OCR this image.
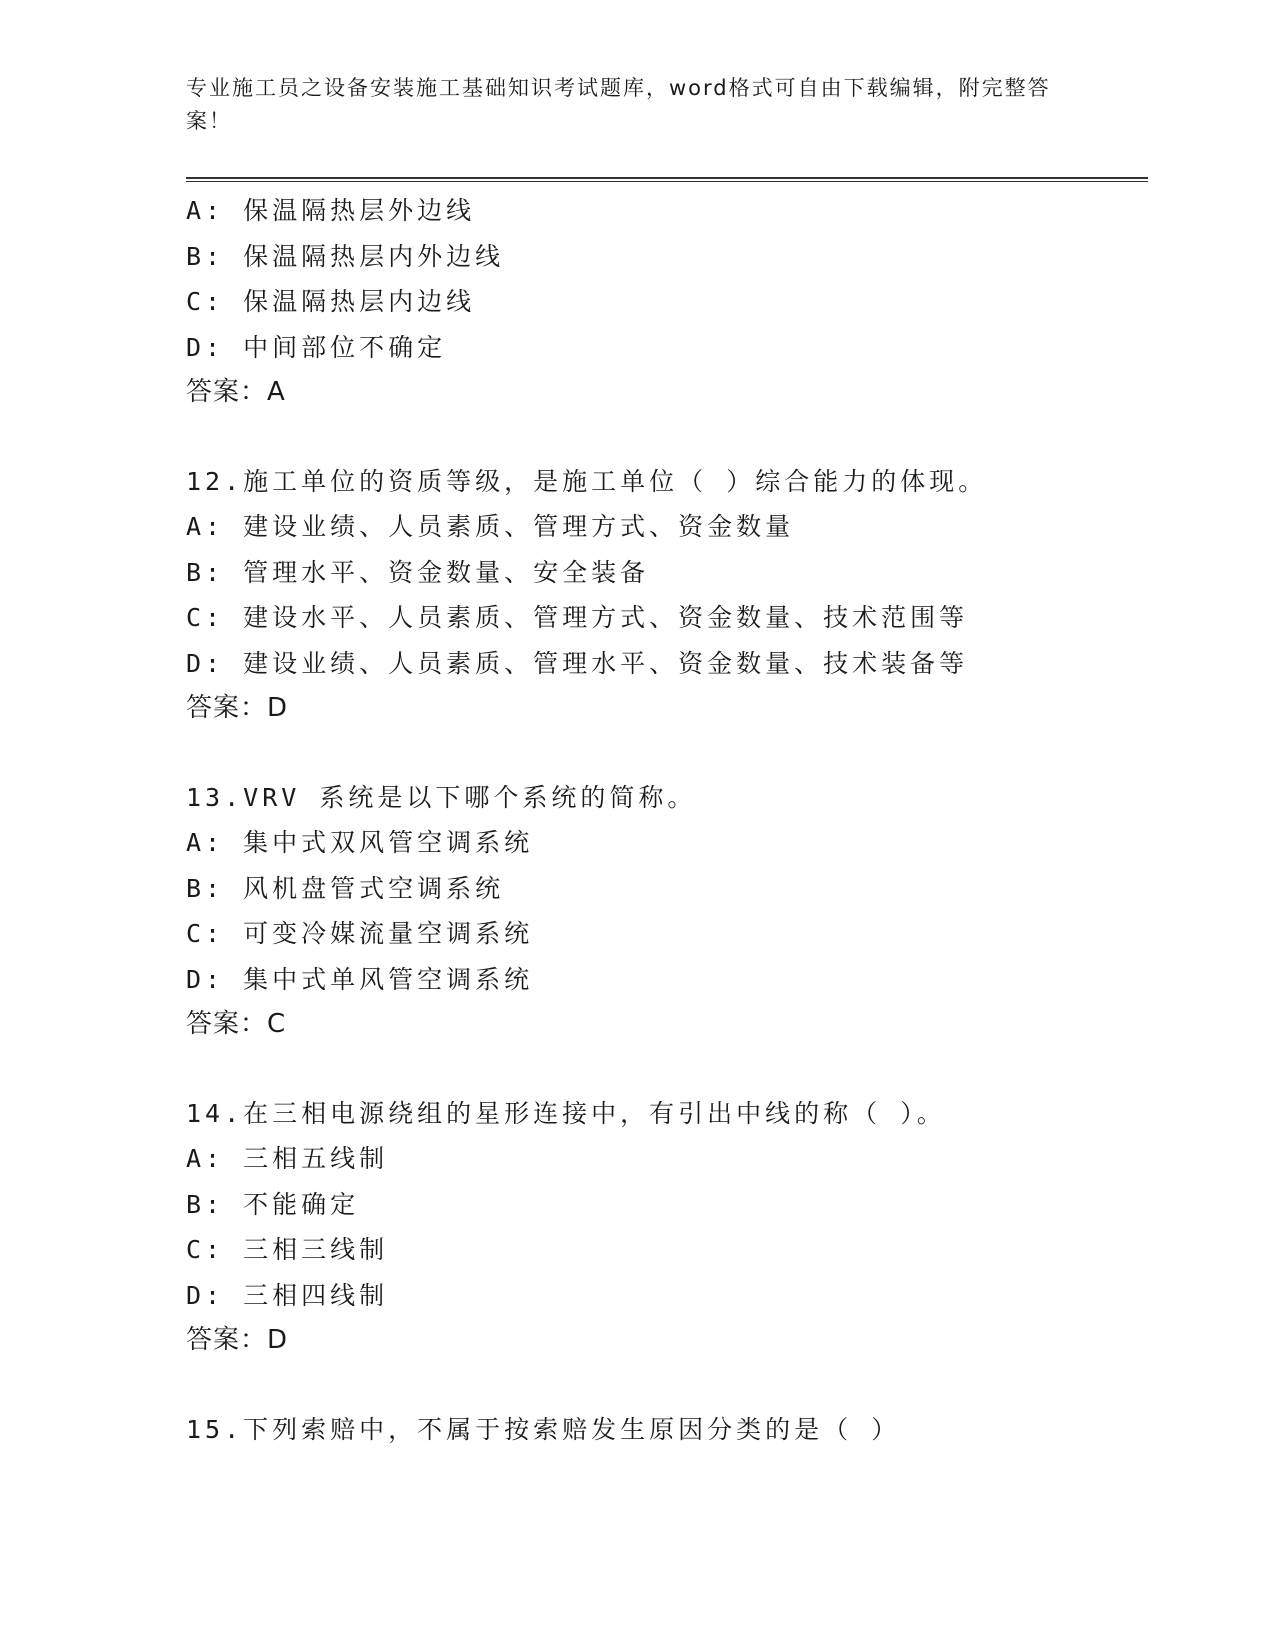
专业施工员之设备安装施工基础知识考试题库，word格式可自由下载编辑，附完整答案！
A: 保温隔热层外边线
B: 保温隔热层内外边线
C: 保温隔热层内边线
D: 中间部位不确定
答案：A
12.施工单位的资质等级，是施工单位（ ）综合能力的体现。
A: 建设业绩、人员素质、管理方式、资金数量
B: 管理水平、资金数量、安全装备
C: 建设水平、人员素质、管理方式、资金数量、技术范围等
D: 建设业绩、人员素质、管理水平、资金数量、技术装备等
答案：D
13.VRV 系统是以下哪个系统的简称。
A: 集中式双风管空调系统
B: 风机盘管式空调系统
C: 可变冷媒流量空调系统
D: 集中式单风管空调系统
答案：C
14.在三相电源绕组的星形连接中，有引出中线的称（ ）。
A: 三相五线制
B: 不能确定
C: 三相三线制
D: 三相四线制
答案：D
15.下列索赔中，不属于按索赔发生原因分类的是（ ）
